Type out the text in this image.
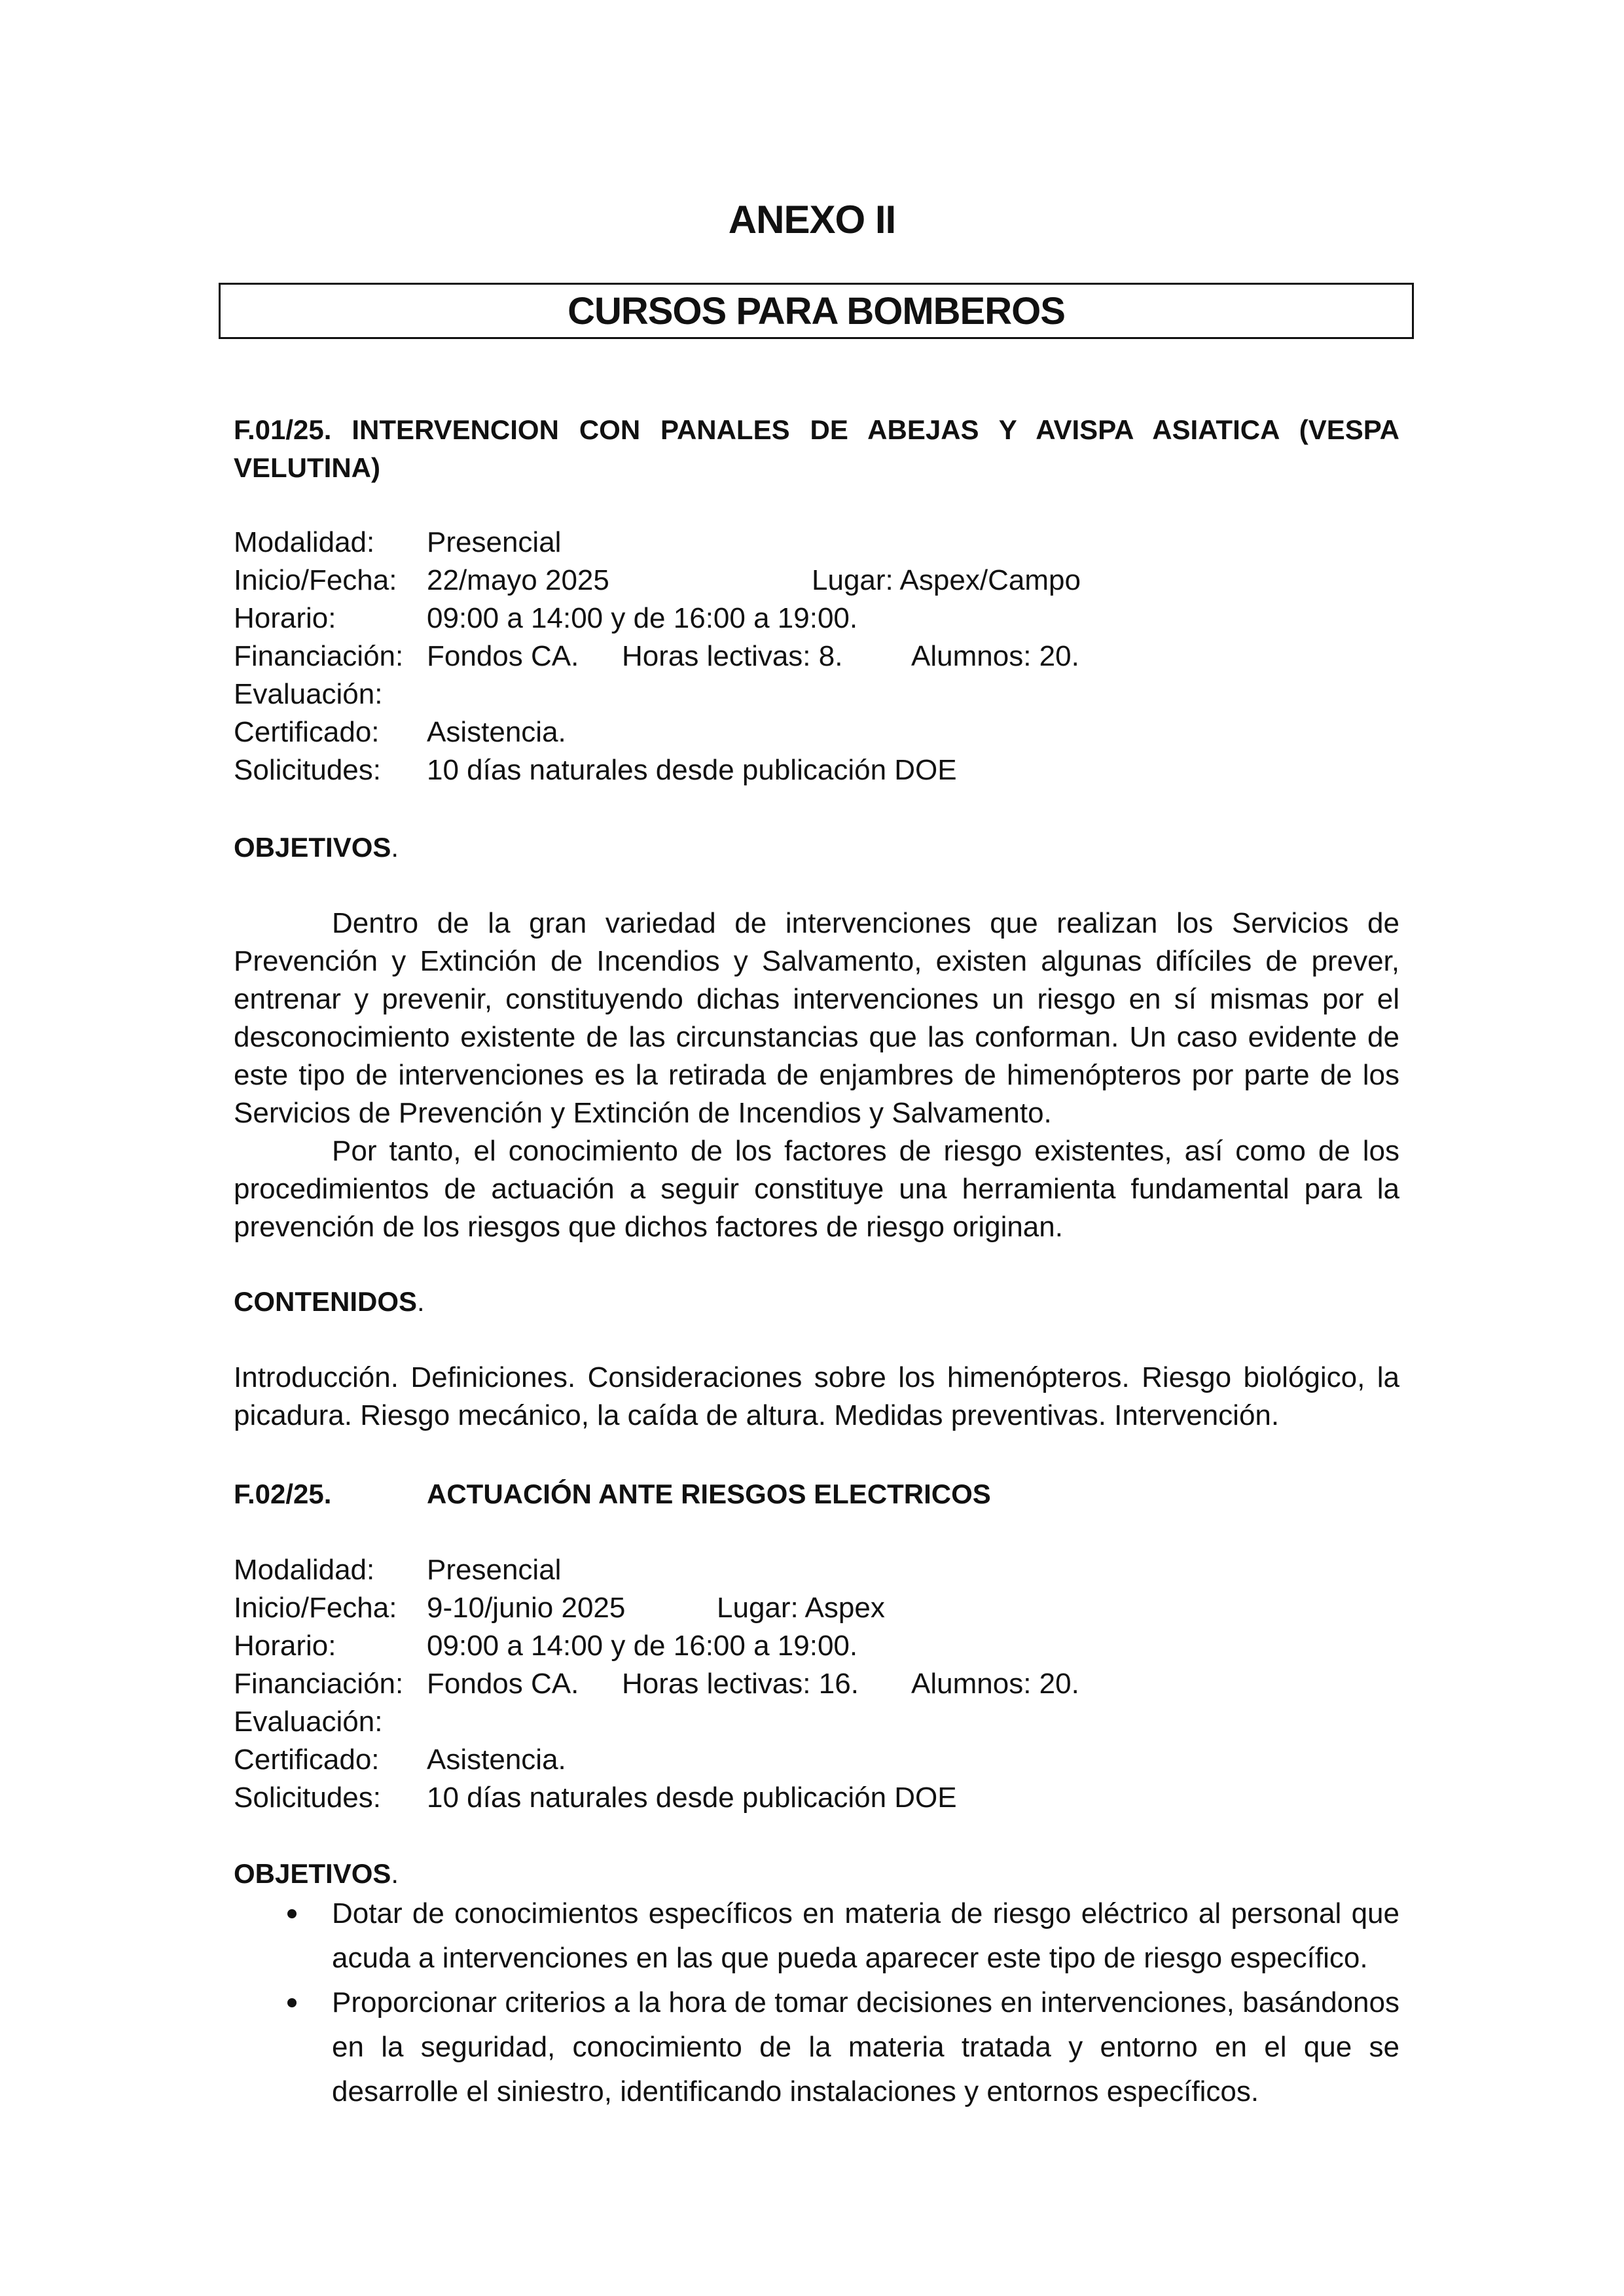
ANEXO II
CURSOS PARA BOMBEROS
F.01/25. INTERVENCION CON PANALES DE ABEJAS Y AVISPA ASIATICA (VESPA VELUTINA)
Modalidad: Presencial
Inicio/Fecha: 22/mayo 2025	Lugar: Aspex/Campo
Horario:	09:00 a 14:00 y de 16:00 a 19:00.
Financiación: Fondos CA. Horas lectivas: 8. Alumnos: 20.
Evaluación:
Certificado: Asistencia.
Solicitudes: 10 días naturales desde publicación DOE
OBJETIVOS.

Dentro de la gran variedad de intervenciones que realizan los Servicios de Prevención y Extinción de Incendios y Salvamento, existen algunas difíciles de prever, entrenar y prevenir, constituyendo dichas intervenciones un riesgo en sí mismas por el desconocimiento existente de las circunstancias que las conforman. Un caso evidente de este tipo de intervenciones es la retirada de enjambres de himenópteros por parte de los Servicios de Prevención y Extinción de Incendios y Salvamento.

Por tanto, el conocimiento de los factores de riesgo existentes, así como de los procedimientos de actuación a seguir constituye una herramienta fundamental para la prevención de los riesgos que dichos factores de riesgo originan.

CONTENIDOS.

Introducción. Definiciones. Consideraciones sobre los himenópteros. Riesgo biológico, la picadura. Riesgo mecánico, la caída de altura. Medidas preventivas. Intervención.

F.02/25.	ACTUACIÓN ANTE RIESGOS ELECTRICOS
Modalidad: Presencial
Inicio/Fecha: 9-10/junio 2025	Lugar: Aspex
Horario:	09:00 a 14:00 y de 16:00 a 19:00.
Financiación: Fondos CA. Horas lectivas: 16. Alumnos: 20.
Evaluación:
Certificado: Asistencia.
Solicitudes: 10 días naturales desde publicación DOE
OBJETIVOS.
Dotar de conocimientos específicos en materia de riesgo eléctrico al personal que acuda a intervenciones en las que pueda aparecer este tipo de riesgo específico.
Proporcionar criterios a la hora de tomar decisiones en intervenciones, basándonos en la seguridad, conocimiento de la materia tratada y entorno en el que se desarrolle el siniestro, identificando instalaciones y entornos específicos.
